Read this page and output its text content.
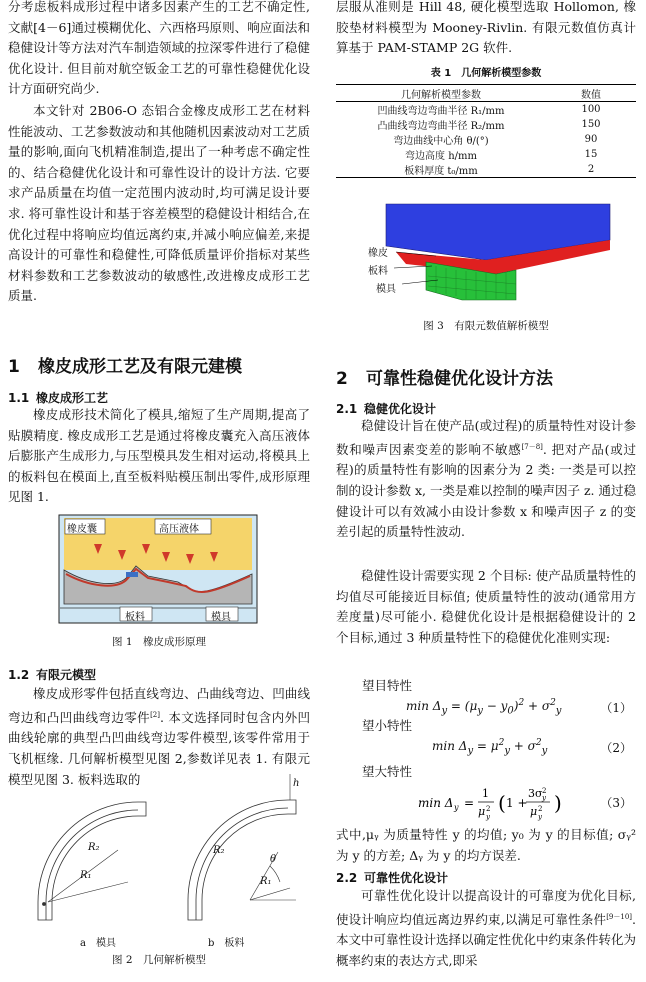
分考虑板料成形过程中诸多因素产生的工艺不确定性,文献[4－6]通过模糊优化、六西格玛原则、响应面法和稳健设计等方法对汽车制造领域的拉深零件进行了稳健优化设计. 但目前对航空钣金工艺的可靠性稳健优化设计方面研究尚少.

本文针对 2B06-O 态铝合金橡皮成形工艺在材料性能波动、工艺参数波动和其他随机因素波动对工艺质量的影响,面向飞机精准制造,提出了一种考虑不确定性的、结合稳健优化设计和可靠性设计的设计方法. 它要求产品质量在均值一定范围内波动时,均可满足设计要求. 将可靠性设计和基于容差模型的稳健设计相结合,在优化过程中将响应均值远离约束,并减小响应偏差,来提高设计的可靠性和稳健性,可降低质量评价指标对某些材料参数和工艺参数波动的敏感性,改进橡皮成形工艺质量.

1 橡皮成形工艺及有限元建模
1.1 橡皮成形工艺

橡皮成形技术简化了模具,缩短了生产周期,提高了贴膜精度. 橡皮成形工艺是通过将橡皮囊充入高压液体后膨胀产生成形力,与压型模具发生相对运动,将模具上的板料包在模面上,直至板料贴模压制出零件,成形原理见图 1.

橡皮囊	高压液体
板料	模具
图 1　橡皮成形原理
1.2 有限元模型

橡皮成形零件包括直线弯边、凸曲线弯边、凹曲线弯边和凸凹曲线弯边零件[2]. 本文选择同时包含内外凹曲线轮廓的典型凸凹曲线弯边零件模型,该零件常用于飞机框缘. 几何解析模型见图 2,参数详见表 1. 有限元模型见图 3. 板料选取的

R₂
R₁
R₂
θ
R₁
h
a　模具	b　板料
图 2　几何解析模型

层服从准则是 Hill 48, 硬化模型选取 Hollomon, 橡胶垫材料模型为 Mooney-Rivlin. 有限元数值仿真计算基于 PAM-STAMP 2G 软件.

表 1　几何解析模型参数
几何解析模型参数	数值
凹曲线弯边弯曲半径 R₁/mm	100
凸曲线弯边弯曲半径 R₂/mm	150
弯边曲线中心角 θ/(°)	90
弯边高度 h/mm	15
板料厚度 t₀/mm	2
橡皮
板料
模具
图 3　有限元数值解析模型
2 可靠性稳健优化设计方法
2.1 稳健优化设计

稳健设计旨在使产品(或过程)的质量特性对设计参数和噪声因素变差的影响不敏感[7－8]. 把对产品(或过程)的质量特性有影响的因素分为 2 类: 一类是可以控制的设计参数 x, 一类是难以控制的噪声因子 z. 通过稳健设计可以有效减小由设计参数 x 和噪声因子 z 的变差引起的质量特性波动.

稳健性设计需要实现 2 个目标: 使产品质量特性的均值尽可能接近目标值; 使质量特性的波动(通常用方差度量)尽可能小. 稳健优化设计是根据稳健设计的 2 个目标,通过 3 种质量特性下的稳健优化准则实现:

望目特性
$\min \Delta_y = (\mu_y - y_0)^2 + \sigma^2_y$	（1）
望小特性
$\min \Delta_y = \mu^2_y + \sigma^2_y$	（2）
望大特性
min Δ y =
1
μ 2
y
( 1 +
3σ 2
y
μ 2
y
)	（3）

式中,μᵧ 为质量特性 y 的均值; y₀ 为 y 的目标值; σᵧ² 为 y 的方差; Δᵧ 为 y 的均方误差.

2.2 可靠性优化设计

可靠性优化设计以提高设计的可靠度为优化目标,使设计响应均值远离边界约束,以满足可靠性条件[9－10]. 本文中可靠性设计选择以确定性优化中约束条件转化为概率约束的表达方式,即采
